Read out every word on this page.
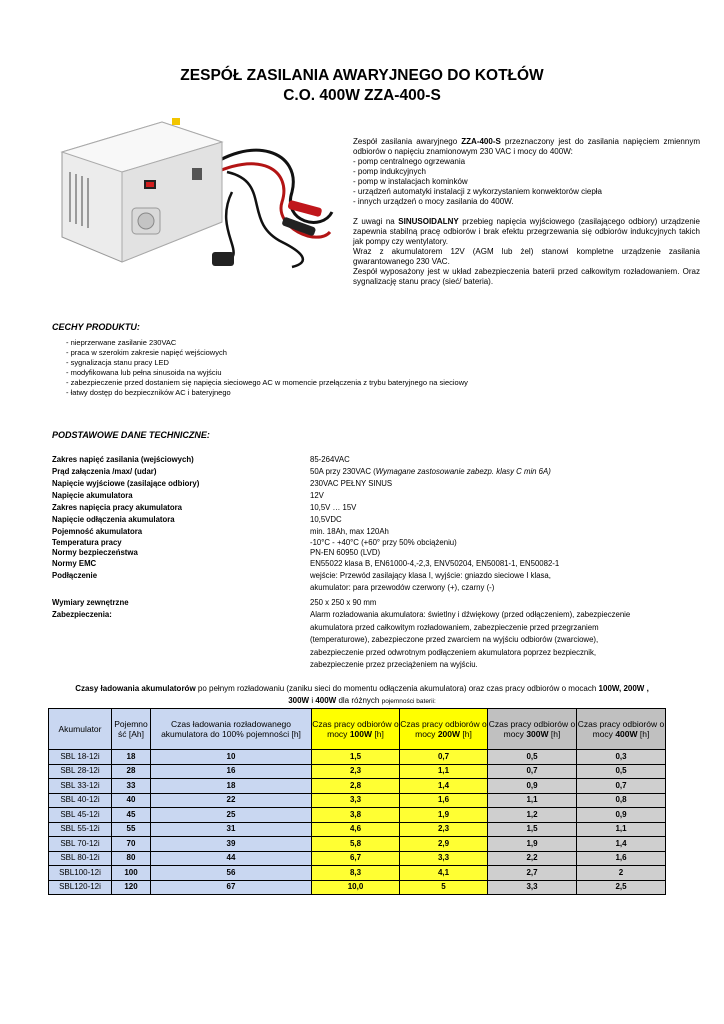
ZESPÓŁ ZASILANIA AWARYJNEGO DO KOTŁÓW
C.O. 400W ZZA-400-S

Zespół zasilania awaryjnego ZZA-400-S przeznaczony jest do zasilania napięciem zmiennym odbiorów o napięciu znamionowym 230 VAC i mocy do 400W:

- pomp centralnego ogrzewania

- pomp indukcyjnych

- pomp w instalacjach kominków

- urządzeń automatyki instalacji z wykorzystaniem konwektorów ciepła

- innych urządzeń o mocy zasilania do 400W.

Z uwagi na SINUSOIDALNY przebieg napięcia wyjściowego (zasilającego odbiory) urządzenie zapewnia stabilną pracę odbiorów i brak efektu przegrzewania się odbiorów indukcyjnych takich jak pompy czy wentylatory.

Wraz z akumulatorem 12V (AGM lub żel) stanowi kompletne urządzenie zasilania gwarantowanego 230 VAC.

Zespół wyposażony jest w układ zabezpieczenia baterii przed całkowitym rozładowaniem. Oraz sygnalizację stanu pracy (sieć/ bateria).

CECHY PRODUKTU:
- nieprzerwane zasilanie 230VAC
- praca w szerokim zakresie napięć wejściowych
- sygnalizacja stanu pracy LED
- modyfikowana lub pełna sinusoida na wyjściu
- zabezpieczenie przed dostaniem się napięcia sieciowego AC w momencie przełączenia z trybu bateryjnego na sieciowy
- łatwy dostęp do bezpieczników AC i bateryjnego
PODSTAWOWE DANE TECHNICZNE:
Zakres napięć zasilania (wejściowych)	85-264VAC
Prąd załączenia /max/ (udar)	50A przy 230VAC (Wymagane zastosowanie zabezp. klasy C min 6A)
Napięcie wyjściowe (zasilające odbiory)	230VAC PEŁNY SINUS
Napięcie akumulatora	12V
Zakres napięcia pracy akumulatora	10,5V … 15V
Napięcie odłączenia akumulatora	10,5VDC
Pojemność akumulatora	min. 18Ah, max 120Ah
Temperatura pracy	-10°C - +40°C (+60° przy 50% obciążeniu)
Normy bezpieczeństwa	PN-EN 60950 (LVD)
Normy EMC	EN55022 klasa B, EN61000-4,-2,3, ENV50204, EN50081-1, EN50082-1
Podłączenie	wejście: Przewód zasilający klasa I, wyjście: gniazdo sieciowe I klasa,
akumulator: para przewodów czerwony (+), czarny (-)
Wymiary zewnętrzne	250 x 250 x 90 mm
Zabezpieczenia:	Alarm rozładowania akumulatora: świetlny i dźwiękowy (przed odłączeniem), zabezpieczenie
akumulatora przed całkowitym rozładowaniem, zabezpieczenie przed przegrzaniem
(temperaturowe), zabezpieczone przed zwarciem na wyjściu odbiorów (zwarciowe),
zabezpieczenie przed odwrotnym podłączeniem akumulatora poprzez bezpiecznik,
zabezpieczenie przez przeciążeniem na wyjściu.
Czasy ładowania akumulatorów po pełnym rozładowaniu (zaniku sieci do momentu odłączenia akumulatora) oraz czas pracy odbiorów o mocach 100W, 200W ,
300W i 400W dla różnych pojemności baterii:
Akumulator	Pojemno ść [Ah]	Czas ładowania rozładowanego akumulatora do 100% pojemności [h]	Czas pracy odbiorów o mocy 100W [h]	Czas pracy odbiorów o mocy 200W [h]	Czas pracy odbiorów o mocy 300W [h]	Czas pracy odbiorów o mocy 400W [h]
SBL 18-12i	18	10	1,5	0,7	0,5	0,3
SBL 28-12i	28	16	2,3	1,1	0,7	0,5
SBL 33-12i	33	18	2,8	1,4	0,9	0,7
SBL 40-12i	40	22	3,3	1,6	1,1	0,8
SBL 45-12i	45	25	3,8	1,9	1,2	0,9
SBL 55-12i	55	31	4,6	2,3	1,5	1,1
SBL 70-12i	70	39	5,8	2,9	1,9	1,4
SBL 80-12i	80	44	6,7	3,3	2,2	1,6
SBL100-12i	100	56	8,3	4,1	2,7	2
SBL120-12i	120	67	10,0	5	3,3	2,5
